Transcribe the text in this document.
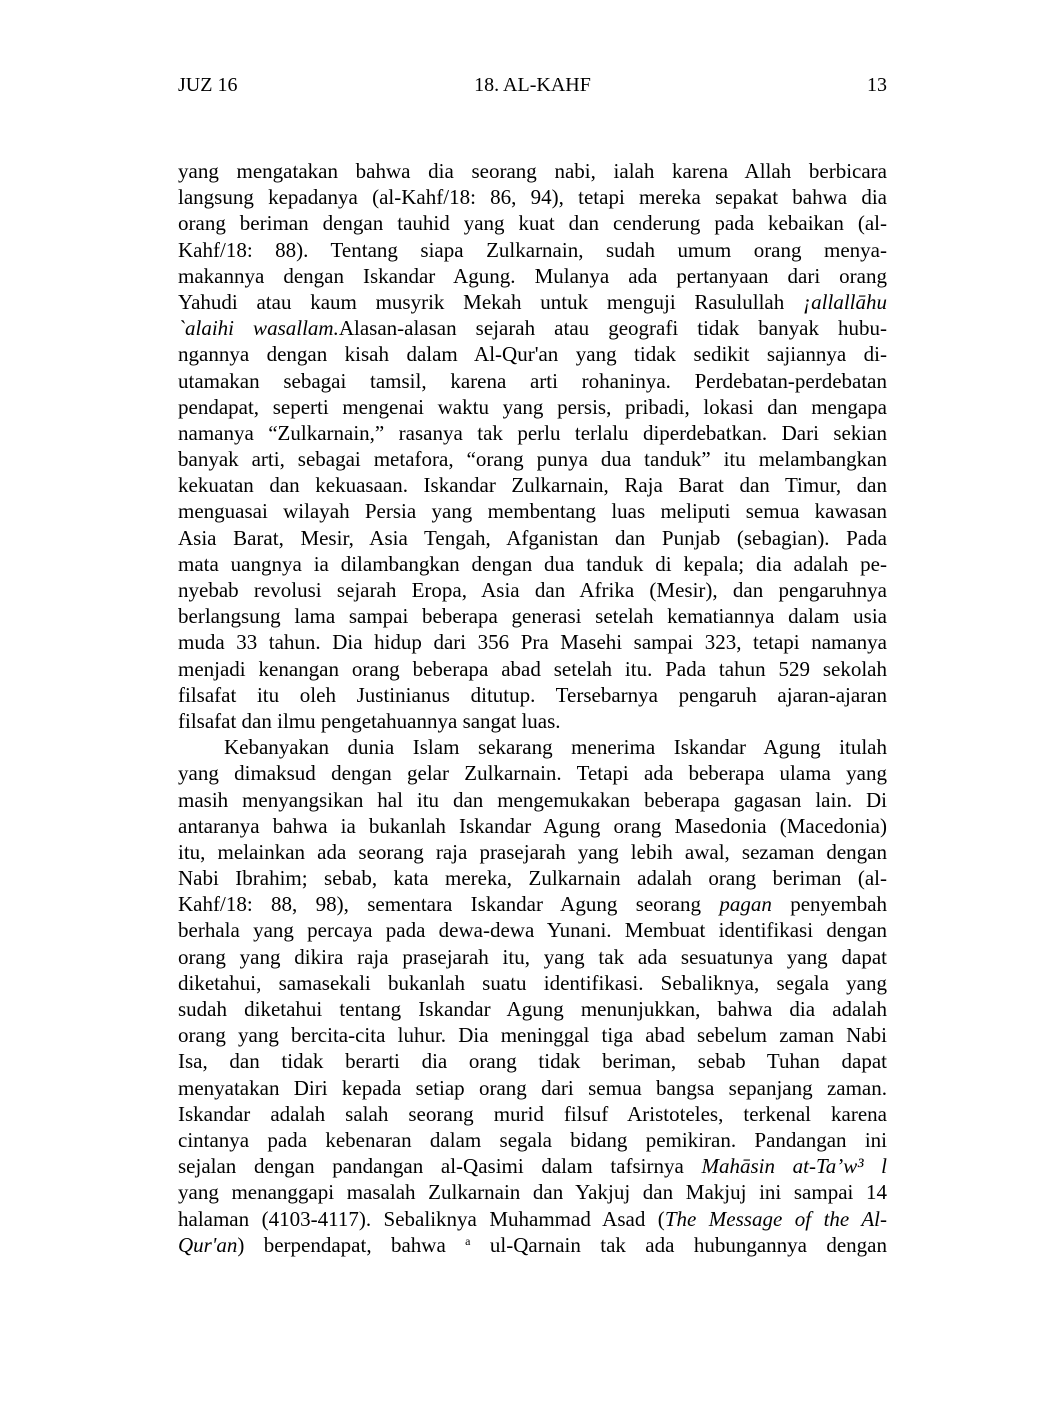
JUZ 16	18. AL-KAHF	13
yang mengatakan bahwa dia seorang nabi, ialah karena Allah berbicara
langsung kepadanya (al-Kahf/18: 86, 94), tetapi mereka sepakat bahwa dia
orang beriman dengan tauhid yang kuat dan cenderung pada kebaikan (al-
Kahf/18: 88). Tentang siapa Zulkarnain, sudah umum orang menya-
makannya dengan Iskandar Agung. Mulanya ada pertanyaan dari orang
Yahudi atau kaum musyrik Mekah untuk menguji Rasulullah ¡allallāhu
`alaihi wasallam.Alasan-alasan sejarah atau geografi tidak banyak hubu-
ngannya dengan kisah dalam Al-Qur'an yang tidak sedikit sajiannya di-
utamakan sebagai tamsil, karena arti rohaninya. Perdebatan-perdebatan
pendapat, seperti mengenai waktu yang persis, pribadi, lokasi dan mengapa
namanya “Zulkarnain,” rasanya tak perlu terlalu diperdebatkan. Dari sekian
banyak arti, sebagai metafora, “orang punya dua tanduk” itu melambangkan
kekuatan dan kekuasaan. Iskandar Zulkarnain, Raja Barat dan Timur, dan
menguasai wilayah Persia yang membentang luas meliputi semua kawasan
Asia Barat, Mesir, Asia Tengah, Afganistan dan Punjab (sebagian). Pada
mata uangnya ia dilambangkan dengan dua tanduk di kepala; dia adalah pe-
nyebab revolusi sejarah Eropa, Asia dan Afrika (Mesir), dan pengaruhnya
berlangsung lama sampai beberapa generasi setelah kematiannya dalam usia
muda 33 tahun. Dia hidup dari 356 Pra Masehi sampai 323, tetapi namanya
menjadi kenangan orang beberapa abad setelah itu. Pada tahun 529 sekolah
filsafat itu oleh Justinianus ditutup. Tersebarnya pengaruh ajaran-ajaran
filsafat dan ilmu pengetahuannya sangat luas.
Kebanyakan dunia Islam sekarang menerima Iskandar Agung itulah
yang dimaksud dengan gelar Zulkarnain. Tetapi ada beberapa ulama yang
masih menyangsikan hal itu dan mengemukakan beberapa gagasan lain. Di
antaranya bahwa ia bukanlah Iskandar Agung orang Masedonia (Macedonia)
itu, melainkan ada seorang raja prasejarah yang lebih awal, sezaman dengan
Nabi Ibrahim; sebab, kata mereka, Zulkarnain adalah orang beriman (al-
Kahf/18: 88, 98), sementara Iskandar Agung seorang pagan penyembah
berhala yang percaya pada dewa-dewa Yunani. Membuat identifikasi dengan
orang yang dikira raja prasejarah itu, yang tak ada sesuatunya yang dapat
diketahui, samasekali bukanlah suatu identifikasi. Sebaliknya, segala yang
sudah diketahui tentang Iskandar Agung menunjukkan, bahwa dia adalah
orang yang bercita-cita luhur. Dia meninggal tiga abad sebelum zaman Nabi
Isa, dan tidak berarti dia orang tidak beriman, sebab Tuhan dapat
menyatakan Diri kepada setiap orang dari semua bangsa sepanjang zaman.
Iskandar adalah salah seorang murid filsuf Aristoteles, terkenal karena
cintanya pada kebenaran dalam segala bidang pemikiran. Pandangan ini
sejalan dengan pandangan al-Qasimi dalam tafsirnya Mahāsin at-Ta’w³ l
yang menanggapi masalah Zulkarnain dan Yakjuj dan Makjuj ini sampai 14
halaman (4103-4117). Sebaliknya Muhammad Asad (The Message of the Al-
Qur'an) berpendapat, bahwa $^a$ ul-Qarnain tak ada hubungannya dengan
